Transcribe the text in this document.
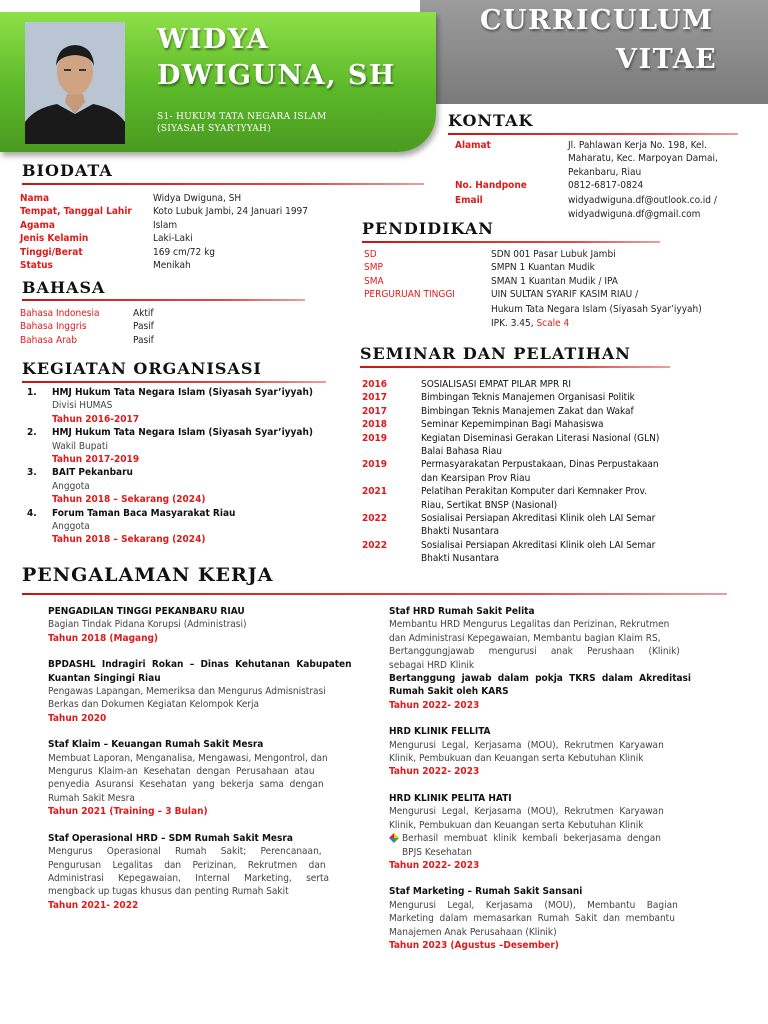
WIDYA
DWIGUNA, SH
S1- HUKUM TATA NEGARA ISLAM
(SIYASAH SYAR’IYYAH)
CURRICULUM
VITAE
KONTAK
Alamat	Jl. Pahlawan Kerja No. 198, Kel.
Maharatu, Kec. Marpoyan Damai,
Pekanbaru, Riau
No. Handpone	0812-6817-0824
Email	widyadwiguna.df@outlook.co.id /
widyadwiguna.df@gmail.com
BIODATA
Nama	Widya Dwiguna, SH
Tempat, Tanggal Lahir	Koto Lubuk Jambi, 24 Januari 1997
Agama	Islam
Jenis Kelamin	Laki-Laki
Tinggi/Berat	169 cm/72 kg
Status	Menikah
BAHASA
Bahasa Indonesia	Aktif
Bahasa Inggris	Pasif
Bahasa Arab	Pasif
PENDIDIKAN
SD	SDN 001 Pasar Lubuk Jambi
SMP	SMPN 1 Kuantan Mudik
SMA	SMAN 1 Kuantan Mudik / IPA
PERGURUAN TINGGI	UIN SULTAN SYARIF KASIM RIAU /
Hukum Tata Negara Islam (Siyasah Syar’iyyah)
IPK. 3.45, Scale 4
KEGIATAN ORGANISASI
1. HMJ Hukum Tata Negara Islam (Siyasah Syar’iyyah)
Divisi HUMAS
Tahun 2016-2017
2. HMJ Hukum Tata Negara Islam (Siyasah Syar’iyyah)
Wakil Bupati
Tahun 2017-2019
3. BAIT Pekanbaru
Anggota
Tahun 2018 – Sekarang (2024)
4. Forum Taman Baca Masyarakat Riau
Anggota
Tahun 2018 – Sekarang (2024)
SEMINAR DAN PELATIHAN
2016	SOSIALISASI EMPAT PILAR MPR RI
2017	Bimbingan Teknis Manajemen Organisasi Politik
2017	Bimbingan Teknis Manajemen Zakat dan Wakaf
2018	Seminar Kepemimpinan Bagi Mahasiswa
2019	Kegiatan Diseminasi Gerakan Literasi Nasional (GLN)
Balai Bahasa Riau
2019	Permasyarakatan Perpustakaan, Dinas Perpustakaan
dan Kearsipan Prov Riau
2021	Pelatihan Perakitan Komputer dari Kemnaker Prov.
Riau, Sertikat BNSP (Nasional)
2022	Sosialisai Persiapan Akreditasi Klinik oleh LAI Semar
Bhakti Nusantara
2022	Sosialisai Persiapan Akreditasi Klinik oleh LAI Semar
Bhakti Nusantara
PENGALAMAN KERJA
PENGADILAN TINGGI PEKANBARU RIAU
Bagian Tindak Pidana Korupsi (Administrasi)
Tahun 2018 (Magang)
BPDASHL  Indragiri  Rokan  –  Dinas  Kehutanan  Kabupaten
Kuantan Singingi Riau
Pengawas Lapangan, Memeriksa dan Mengurus Admisnistrasi
Berkas dan Dokumen Kegiatan Kelompok Kerja
Tahun 2020
Staf Klaim – Keuangan Rumah Sakit Mesra
Membuat Laporan, Menganalisa, Mengawasi, Mengontrol, dan
Mengurus  Klaim-an  Kesehatan  dengan  Perusahaan  atau
penyedia  Asuransi  Kesehatan  yang  bekerja  sama  dengan
Rumah Sakit Mesra
Tahun 2021 (Training – 3 Bulan)
Staf Operasional HRD – SDM Rumah Sakit Mesra
Mengurus     Operasional     Rumah     Sakit;     Perencanaan,
Pengurusan    Legalitas    dan    Perizinan,    Rekrutmen    dan
Administrasi     Kepegawaian,     Internal     Marketing,     serta
mengback up tugas khusus dan penting Rumah Sakit
Tahun 2021- 2022
Staf HRD Rumah Sakit Pelita
Membantu HRD Mengurus Legalitas dan Perizinan, Rekrutmen
dan Administrasi Kepegawaian, Membantu bagian Klaim RS,
Bertanggungjawab     mengurusi     anak     Perushaan     (Klinik)
sebagai HRD Klinik
Bertanggung  jawab  dalam  pokja  TKRS  dalam  Akreditasi
Rumah Sakit oleh KARS
Tahun 2022- 2023
HRD KLINIK FELLITA
Mengurusi  Legal,  Kerjasama  (MOU),  Rekrutmen  Karyawan
Klinik, Pembukuan dan Keuangan serta Kebutuhan Klinik
Tahun 2022- 2023
HRD KLINIK PELITA HATI
Mengurusi  Legal,  Kerjasama  (MOU),  Rekrutmen  Karyawan
Klinik, Pembukuan dan Keuangan serta Kebutuhan Klinik
Berhasil  membuat  klinik  kembali  bekerjasama  dengan
BPJS Kesehatan
Tahun 2022- 2023
Staf Marketing – Rumah Sakit Sansani
Mengurusi    Legal,    Kerjasama    (MOU),    Membantu    Bagian
Marketing  dalam  memasarkan  Rumah  Sakit  dan  membantu
Manajemen Anak Perusahaan (Klinik)
Tahun 2023 (Agustus –Desember)
